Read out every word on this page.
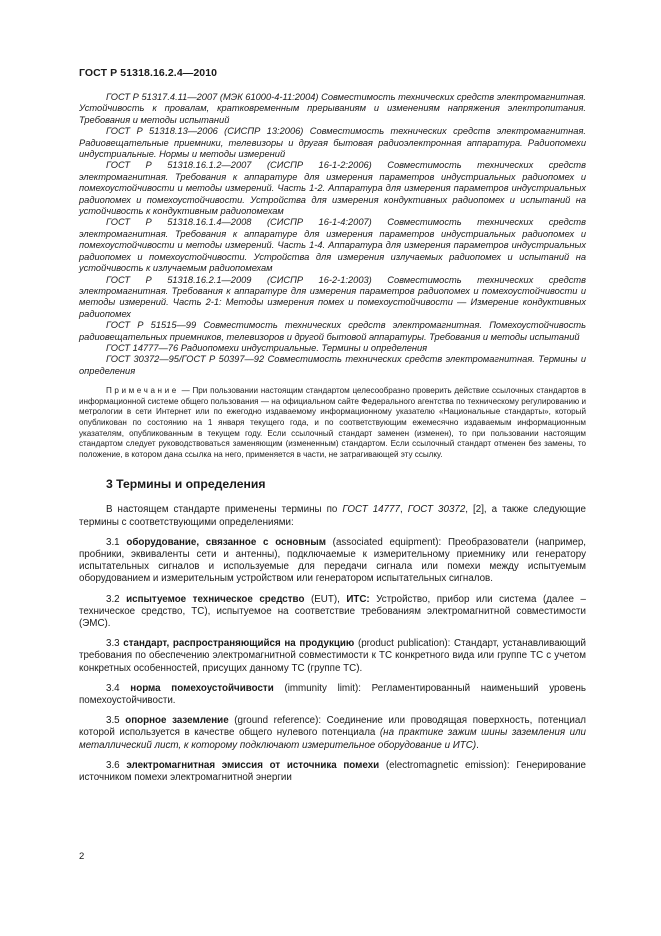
ГОСТ Р 51318.16.2.4—2010

ГОСТ Р 51317.4.11—2007 (МЭК 61000-4-11:2004) Совместимость технических средств электромагнитная. Устойчивость к провалам, кратковременным прерываниям и изменениям напряжения электропитания. Требования и методы испытаний

ГОСТ Р 51318.13—2006 (СИСПР 13:2006) Совместимость технических средств электромагнитная. Радиовещательные приемники, телевизоры и другая бытовая радиоэлектронная аппаратура. Радиопомехи индустриальные. Нормы и методы измерений

ГОСТ Р 51318.16.1.2—2007 (СИСПР 16-1-2:2006) Совместимость технических средств электромагнитная. Требования к аппаратуре для измерения параметров индустриальных радиопомех и помехоустойчивости и методы измерений. Часть 1-2. Аппаратура для измерения параметров индустриальных радиопомех и помехоустойчивости. Устройства для измерения кондуктивных радиопомех и испытаний на устойчивость к кондуктивным радиопомехам

ГОСТ Р 51318.16.1.4—2008 (СИСПР 16-1-4:2007) Совместимость технических средств электромагнитная. Требования к аппаратуре для измерения параметров индустриальных радиопомех и помехоустойчивости и методы измерений. Часть 1-4. Аппаратура для измерения параметров индустриальных радиопомех и помехоустойчивости. Устройства для измерения излучаемых радиопомех и испытаний на устойчивость к излучаемым радиопомехам

ГОСТ Р 51318.16.2.1—2009 (СИСПР 16-2-1:2003) Совместимость технических средств электромагнитная. Требования к аппаратуре для измерения параметров радиопомех и помехоустойчивости и методы измерений. Часть 2-1: Методы измерения помех и помехоустойчивости — Измерение кондуктивных радиопомех

ГОСТ Р 51515—99 Совместимость технических средств электромагнитная. Помехоустойчивость радиовещательных приемников, телевизоров и другой бытовой аппаратуры. Требования и методы испытаний

ГОСТ 14777—76 Радиопомехи индустриальные. Термины и определения

ГОСТ 30372—95/ГОСТ Р 50397—92 Совместимость технических средств электромагнитная. Термины и определения

Примечание — При пользовании настоящим стандартом целесообразно проверить действие ссылочных стандартов в информационной системе общего пользования — на официальном сайте Федерального агентства по техническому регулированию и метрологии в сети Интернет или по ежегодно издаваемому информационному указателю «Национальные стандарты», который опубликован по состоянию на 1 января текущего года, и по соответствующим ежемесячно издаваемым информационным указателям, опубликованным в текущем году. Если ссылочный стандарт заменен (изменен), то при пользовании настоящим стандартом следует руководствоваться заменяющим (измененным) стандартом. Если ссылочный стандарт отменен без замены, то положение, в котором дана ссылка на него, применяется в части, не затрагивающей эту ссылку.

3 Термины и определения

В настоящем стандарте применены термины по ГОСТ 14777, ГОСТ 30372, [2], а также следующие термины с соответствующими определениями:

3.1 оборудование, связанное с основным (associated equipment): Преобразователи (например, пробники, эквиваленты сети и антенны), подключаемые к измерительному приемнику или генератору испытательных сигналов и используемые для передачи сигнала или помехи между испытуемым оборудованием и измерительным устройством или генератором испытательных сигналов.

3.2 испытуемое техническое средство (EUT), ИТС: Устройство, прибор или система (далее – техническое средство, ТС), испытуемое на соответствие требованиям электромагнитной совместимости (ЭМС).

3.3 стандарт, распространяющийся на продукцию (product publication): Стандарт, устанавливающий требования по обеспечению электромагнитной совместимости к ТС конкретного вида или группе ТС с учетом конкретных особенностей, присущих данному ТС (группе ТС).

3.4 норма помехоустойчивости (immunity limit): Регламентированный наименьший уровень помехоустойчивости.

3.5 опорное заземление (ground reference): Соединение или проводящая поверхность, потенциал которой используется в качестве общего нулевого потенциала (на практике зажим шины заземления или металлический лист, к которому подключают измерительное оборудование и ИТС).

3.6 электромагнитная эмиссия от источника помехи (electromagnetic emission): Генерирование источником помехи электромагнитной энергии

2
